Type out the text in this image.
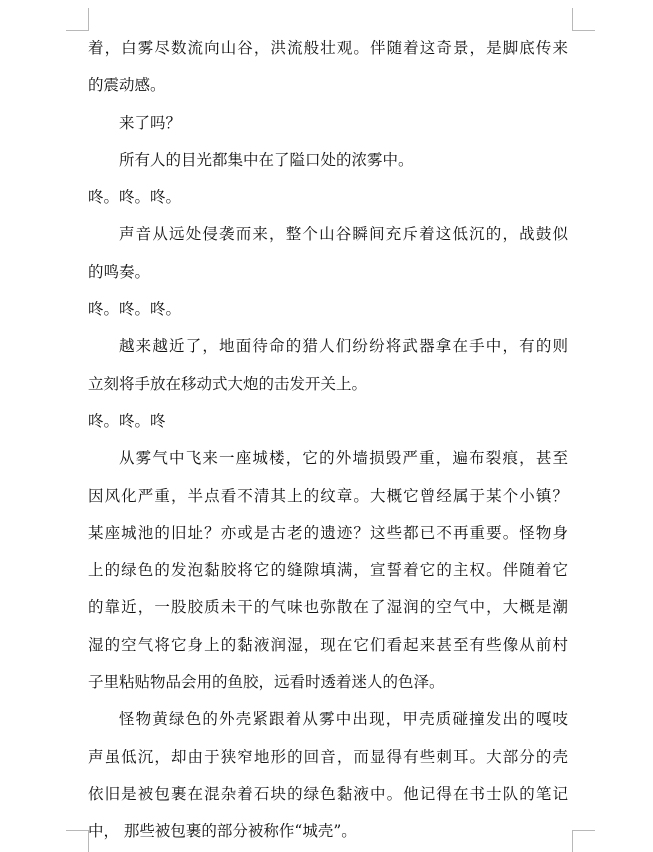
着，白雾尽数流向山谷，洪流般壮观。伴随着这奇景，是脚底传来
的震动感。
来了吗？
所有人的目光都集中在了隘口处的浓雾中。
咚。咚。咚。
声音从远处侵袭而来，整个山谷瞬间充斥着这低沉的，战鼓似
的鸣奏。
咚。咚。咚。
越来越近了，地面待命的猎人们纷纷将武器拿在手中，有的则
立刻将手放在移动式大炮的击发开关上。
咚。咚。咚
从雾气中飞来一座城楼，它的外墙损毁严重，遍布裂痕，甚至
因风化严重，半点看不清其上的纹章。大概它曾经属于某个小镇？
某座城池的旧址？亦或是古老的遗迹？这些都已不再重要。怪物身
上的绿色的发泡黏胶将它的缝隙填满，宣誓着它的主权。伴随着它
的靠近，一股胶质未干的气味也弥散在了湿润的空气中，大概是潮
湿的空气将它身上的黏液润湿，现在它们看起来甚至有些像从前村
子里粘贴物品会用的鱼胶，远看时透着迷人的色泽。
怪物黄绿色的外壳紧跟着从雾中出现，甲壳质碰撞发出的嘎吱
声虽低沉，却由于狭窄地形的回音，而显得有些刺耳。大部分的壳
依旧是被包裹在混杂着石块的绿色黏液中。他记得在书士队的笔记
中， 那些被包裹的部分被称作“城壳”。
